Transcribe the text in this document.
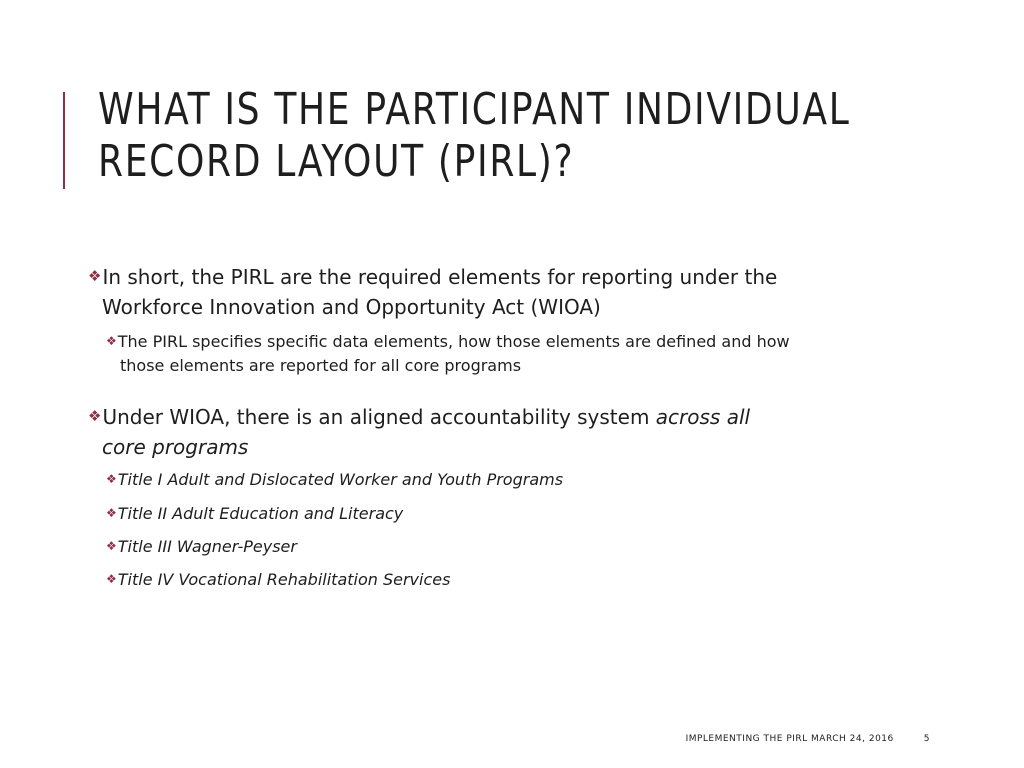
WHAT IS THE PARTICIPANT INDIVIDUAL
RECORD LAYOUT (PIRL)?
❖In short, the PIRL are the required elements for reporting under the
Workforce Innovation and Opportunity Act (WIOA)
❖The PIRL specifies specific data elements, how those elements are defined and how
those elements are reported for all core programs
❖Under WIOA, there is an aligned accountability system across all
core programs
❖Title I Adult and Dislocated Worker and Youth Programs
❖Title II Adult Education and Literacy
❖Title III Wagner-Peyser
❖Title IV Vocational Rehabilitation Services
IMPLEMENTING THE PIRL MARCH 24, 2016	5
